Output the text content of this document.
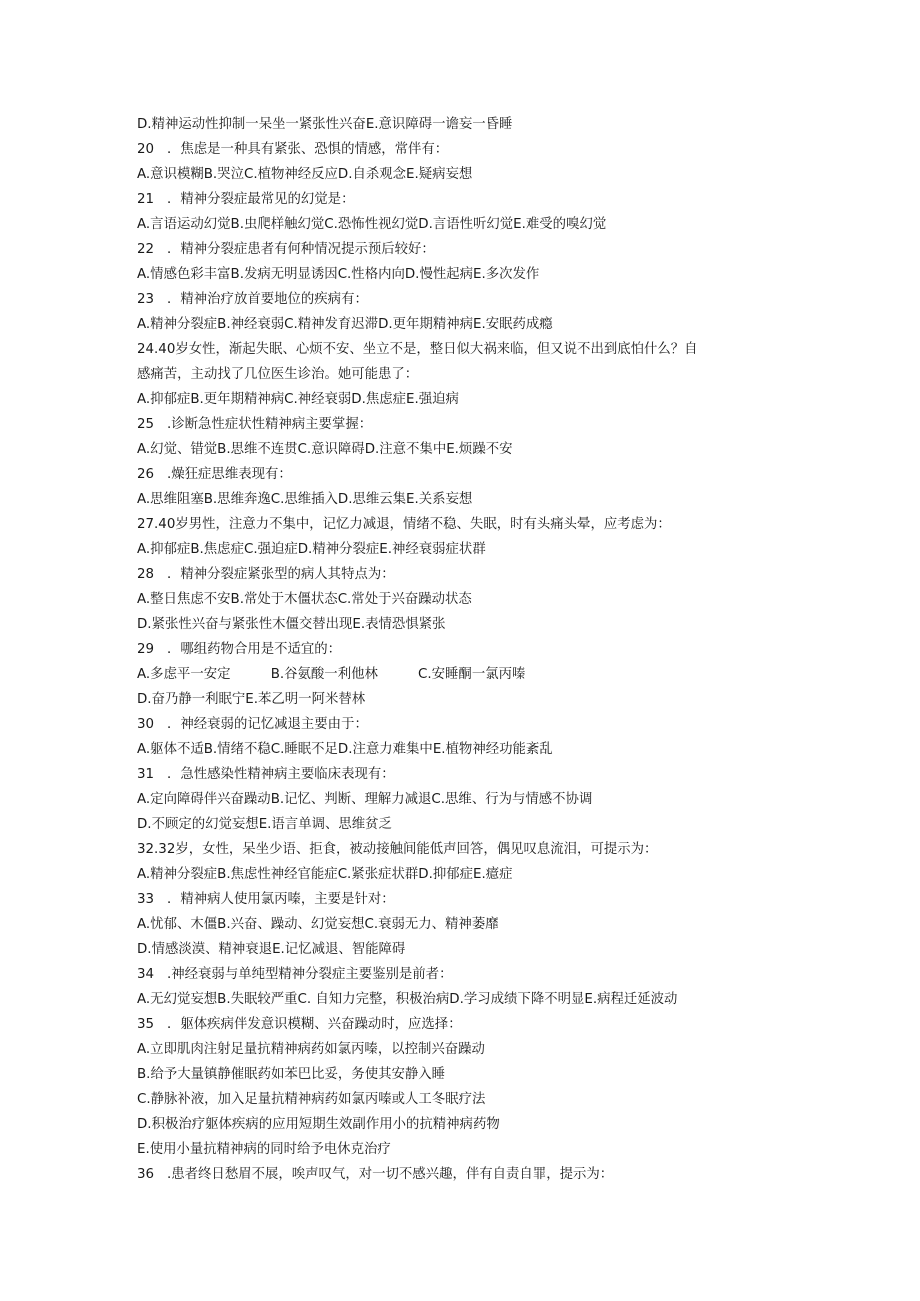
D.精神运动性抑制一呆坐一紧张性兴奋E.意识障碍一谵妄一昏睡
20 ．焦虑是一种具有紧张、恐惧的情感，常伴有：
A.意识模糊B.哭泣C.植物神经反应D.自杀观念E.疑病妄想
21 ．精神分裂症最常见的幻觉是：
A.言语运动幻觉B.虫爬样触幻觉C.恐怖性视幻觉D.言语性听幻觉E.难受的嗅幻觉
22 ．精神分裂症患者有何种情况提示预后较好：
A.情感色彩丰富B.发病无明显诱因C.性格内向D.慢性起病E.多次发作
23 ．精神治疗放首要地位的疾病有：
A.精神分裂症B.神经衰弱C.精神发育迟滞D.更年期精神病E.安眠药成瘾
24.40岁女性，渐起失眠、心烦不安、坐立不是，整日似大祸来临，但又说不出到底怕什么？自
感痛苦，主动找了几位医生诊治。她可能患了：
A.抑郁症B.更年期精神病C.神经衰弱D.焦虑症E.强迫病
25 .诊断急性症状性精神病主要掌握：
A.幻觉、错觉B.思维不连贯C.意识障碍D.注意不集中E.烦躁不安
26 .燥狂症思维表现有：
A.思维阻塞B.思维奔逸C.思维插入D.思维云集E.关系妄想
27.40岁男性，注意力不集中，记忆力减退，情绪不稳、失眠，时有头痛头晕，应考虑为：
A.抑郁症B.焦虑症C.强迫症D.精神分裂症E.神经衰弱症状群
28 ．精神分裂症紧张型的病人其特点为：
A.整日焦虑不安B.常处于木僵状态C.常处于兴奋躁动状态
D.紧张性兴奋与紧张性木僵交替出现E.表情恐惧紧张
29 ．哪组药物合用是不适宜的：
A.多虑平一安定　　　B.谷氨酸一利他林　　　C.安睡酮一氯丙嗪
D.奋乃静一利眠宁E.苯乙明一阿米替林
30 ．神经衰弱的记忆减退主要由于：
A.躯体不适B.情绪不稳C.睡眠不足D.注意力难集中E.植物神经功能紊乱
31 ．急性感染性精神病主要临床表现有：
A.定向障碍伴兴奋躁动B.记忆、判断、理解力减退C.思维、行为与情感不协调
D.不顾定的幻觉妄想E.语言单调、思维贫乏
32.32岁，女性，呆坐少语、拒食，被动接触间能低声回答，偶见叹息流泪，可提示为：
A.精神分裂症B.焦虑性神经官能症C.紧张症状群D.抑郁症E.癔症
33 ．精神病人使用氯丙嗪，主要是针对：
A.忧郁、木僵B.兴奋、躁动、幻觉妄想C.衰弱无力、精神萎靡
D.情感淡漠、精神衰退E.记忆减退、智能障碍
34 .神经衰弱与单纯型精神分裂症主要鉴别是前者：
A.无幻觉妄想B.失眠较严重C. 自知力完整，积极治病D.学习成绩下降不明显E.病程迁延波动
35 ．躯体疾病伴发意识模糊、兴奋躁动时，应选择：
A.立即肌肉注射足量抗精神病药如氯丙嗪，以控制兴奋躁动
B.给予大量镇静催眠药如苯巴比妥，务使其安静入睡
C.静脉补液，加入足量抗精神病药如氯丙嗪或人工冬眠疗法
D.积极治疗躯体疾病的应用短期生效副作用小的抗精神病药物
E.使用小量抗精神病的同时给予电休克治疗
36 .患者终日愁眉不展，唉声叹气，对一切不感兴趣，伴有自责自罪，提示为：
